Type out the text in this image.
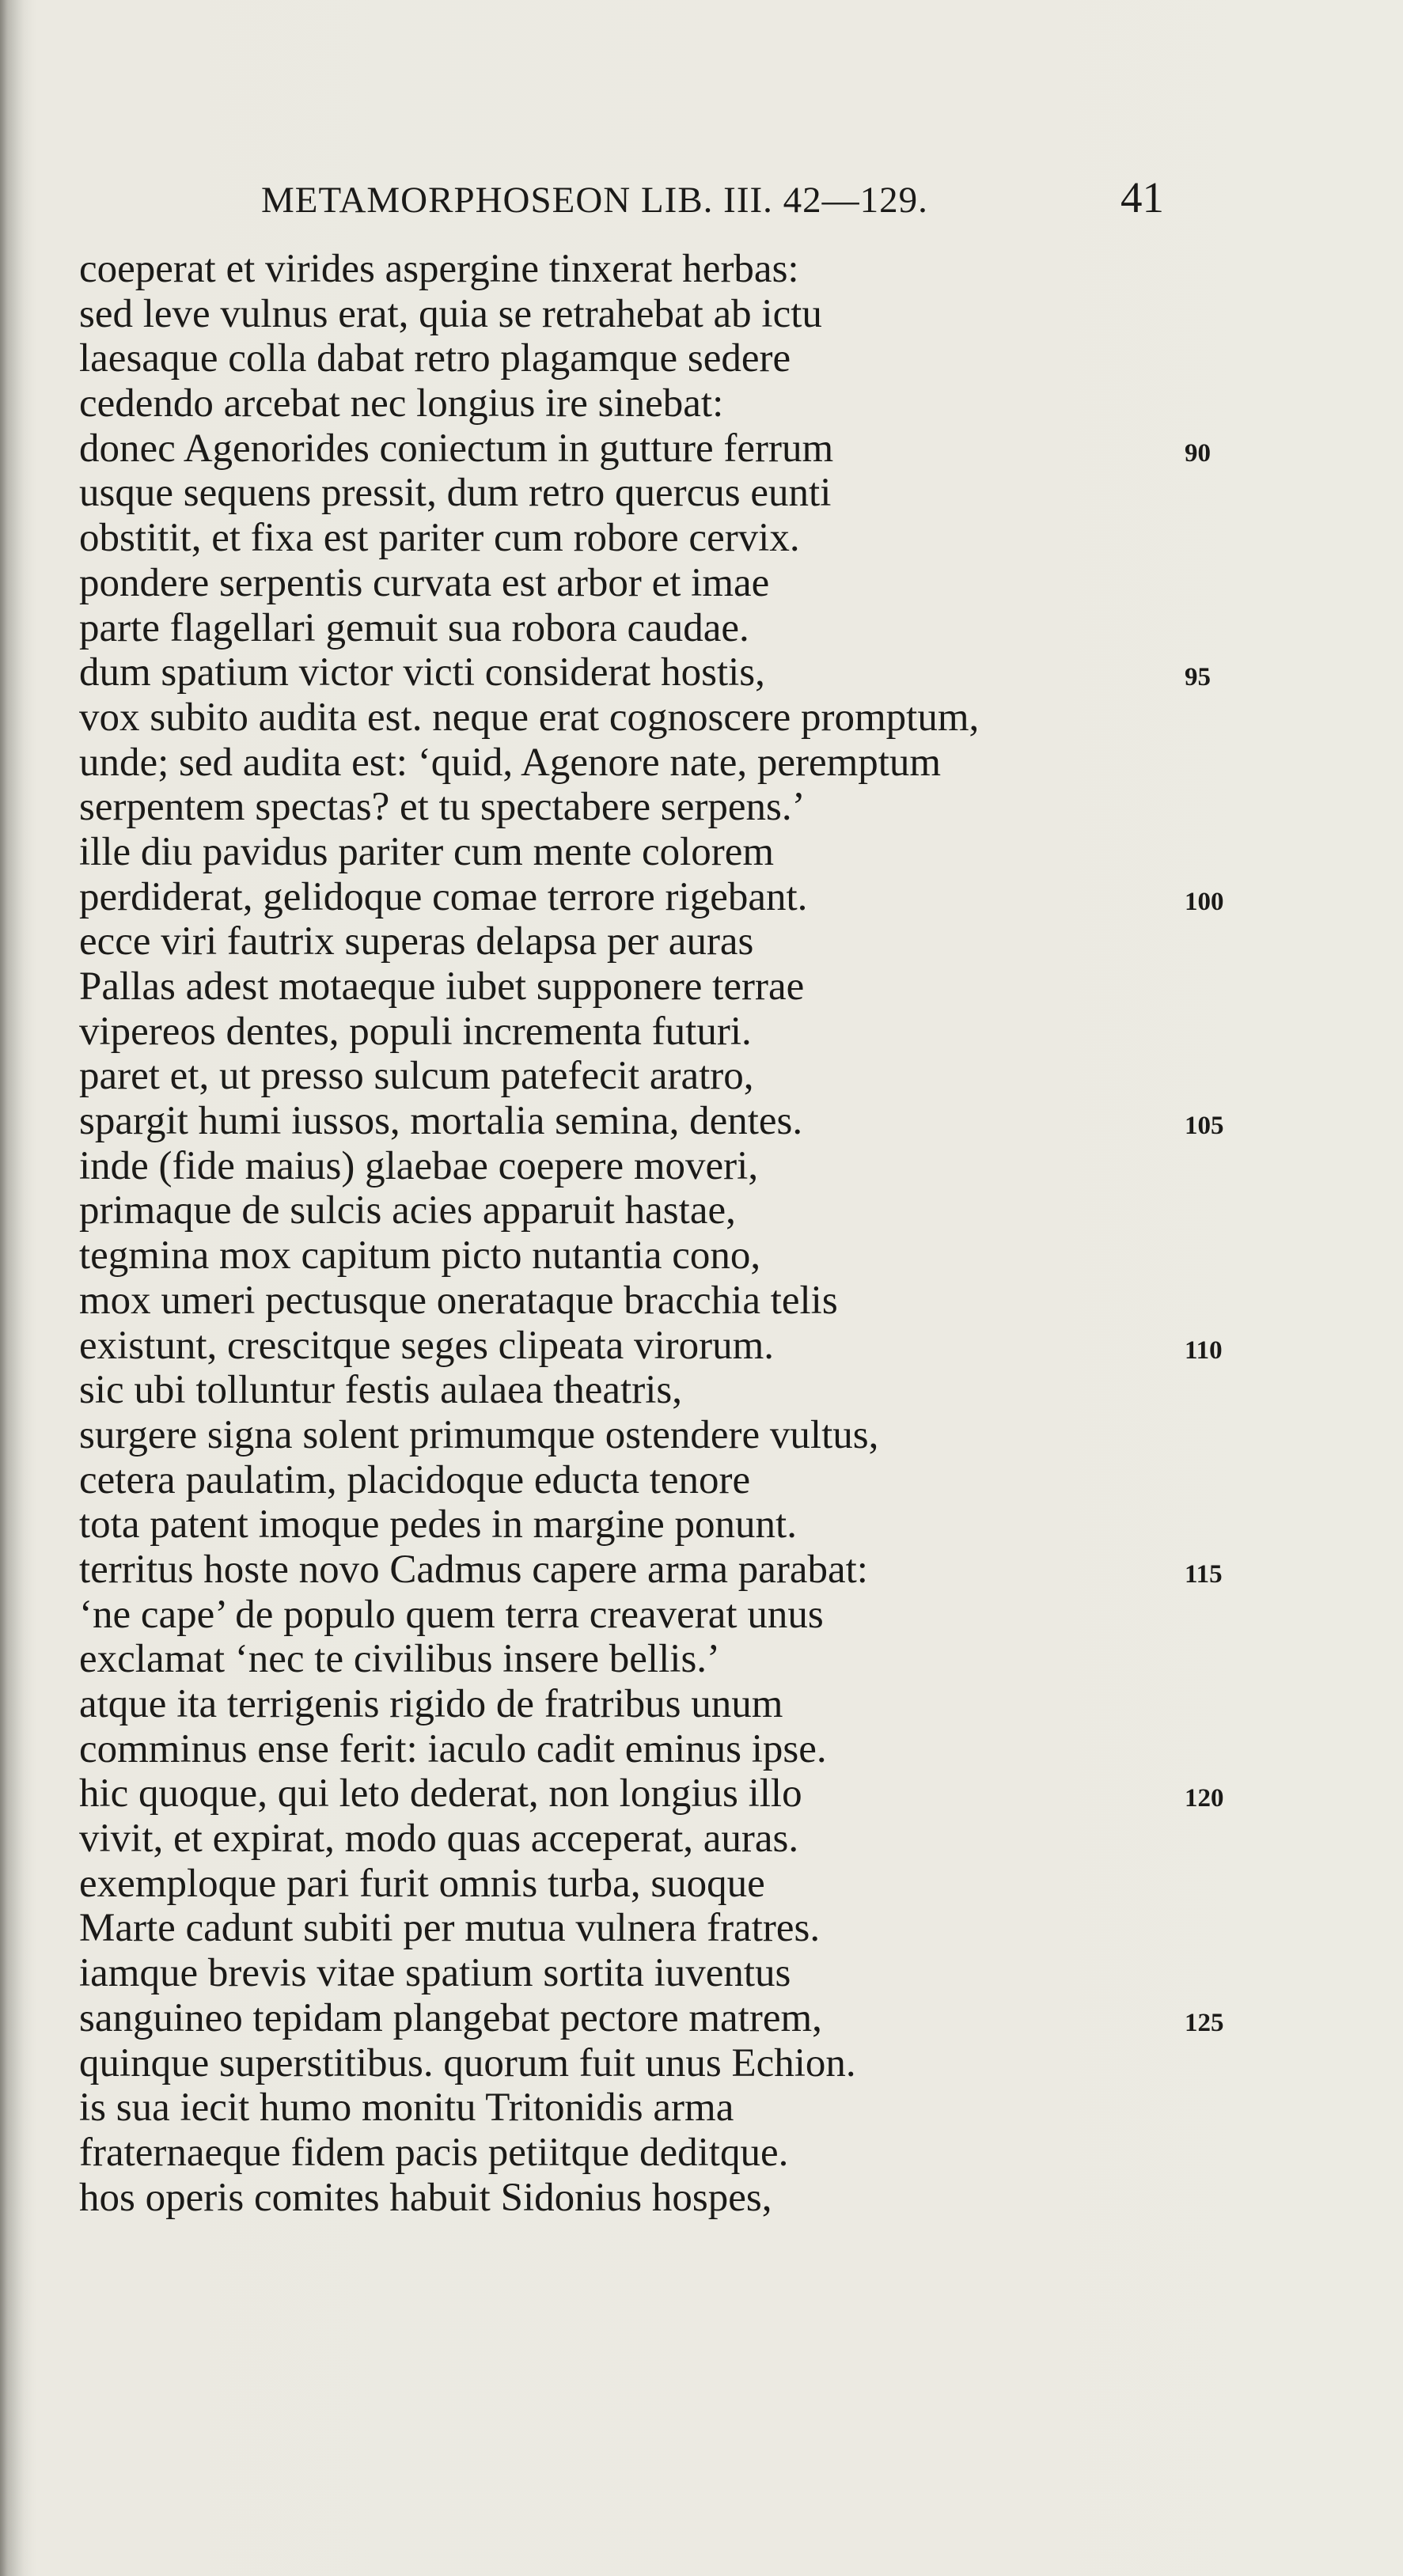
METAMORPHOSEON LIB. III. 42—129.	41
coeperat et virides aspergine tinxerat herbas:
sed leve vulnus erat, quia se retrahebat ab ictu
laesaque colla dabat retro plagamque sedere
cedendo arcebat nec longius ire sinebat:
donec Agenorides coniectum in gutture ferrum	90
usque sequens pressit, dum retro quercus eunti
obstitit, et fixa est pariter cum robore cervix.
pondere serpentis curvata est arbor et imae
parte flagellari gemuit sua robora caudae.
dum spatium victor victi considerat hostis,	95
vox subito audita est. neque erat cognoscere promptum,
unde; sed audita est: ‘quid, Agenore nate, peremptum
serpentem spectas? et tu spectabere serpens.’
ille diu pavidus pariter cum mente colorem
perdiderat, gelidoque comae terrore rigebant.	100
ecce viri fautrix superas delapsa per auras
Pallas adest motaeque iubet supponere terrae
vipereos dentes, populi incrementa futuri.
paret et, ut presso sulcum patefecit aratro,
spargit humi iussos, mortalia semina, dentes.	105
inde (fide maius) glaebae coepere moveri,
primaque de sulcis acies apparuit hastae,
tegmina mox capitum picto nutantia cono,
mox umeri pectusque onerataque bracchia telis
existunt, crescitque seges clipeata virorum.	110
sic ubi tolluntur festis aulaea theatris,
surgere signa solent primumque ostendere vultus,
cetera paulatim, placidoque educta tenore
tota patent imoque pedes in margine ponunt.
territus hoste novo Cadmus capere arma parabat:	115
‘ne cape’ de populo quem terra creaverat unus
exclamat ‘nec te civilibus insere bellis.’
atque ita terrigenis rigido de fratribus unum
comminus ense ferit: iaculo cadit eminus ipse.
hic quoque, qui leto dederat, non longius illo	120
vivit, et expirat, modo quas acceperat, auras.
exemploque pari furit omnis turba, suoque
Marte cadunt subiti per mutua vulnera fratres.
iamque brevis vitae spatium sortita iuventus
sanguineo tepidam plangebat pectore matrem,	125
quinque superstitibus. quorum fuit unus Echion.
is sua iecit humo monitu Tritonidis arma
fraternaeque fidem pacis petiitque deditque.
hos operis comites habuit Sidonius hospes,
